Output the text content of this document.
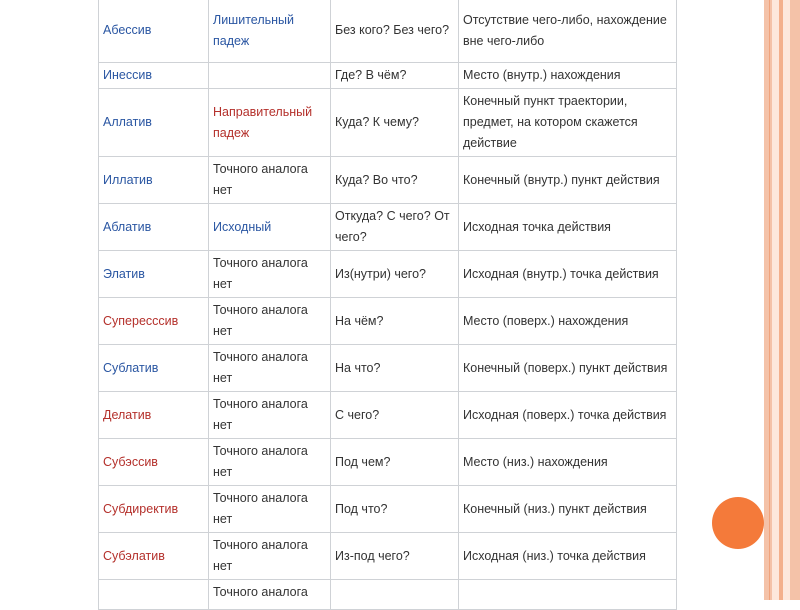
Абессив	Лишительный падеж	Без кого? Без чего?	Отсутствие чего-либо, нахождение вне чего-либо
Инессив		Где? В чём?	Место (внутр.) нахождения
Аллатив	Направительный падеж	Куда? К чему?	Конечный пункт траектории, предмет, на котором скажется действие
Иллатив	Точного аналога нет	Куда? Во что?	Конечный (внутр.) пункт действия
Аблатив	Исходный	Откуда? С чего? От чего?	Исходная точка действия
Элатив	Точного аналога нет	Из(нутри) чего?	Исходная (внутр.) точка действия
Суперессcив	Точного аналога нет	На чём?	Место (поверх.) нахождения
Сублатив	Точного аналога нет	На что?	Конечный (поверх.) пункт действия
Делатив	Точного аналога нет	С чего?	Исходная (поверх.) точка действия
Субэссив	Точного аналога нет	Под чем?	Место (низ.) нахождения
Субдиректив	Точного аналога нет	Под что?	Конечный (низ.) пункт действия
Субэлатив	Точного аналога нет	Из-под чего?	Исходная (низ.) точка действия
	Точного аналога		
